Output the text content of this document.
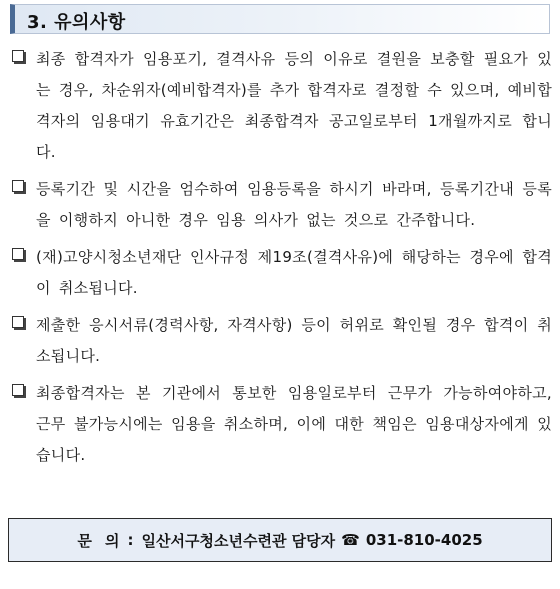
3. 유의사항
최종 합격자가 임용포기, 결격사유 등의 이유로 결원을 보충할 필요가 있는 경우, 차순위자(예비합격자)를 추가 합격자로 결정할 수 있으며, 예비합격자의 임용대기 유효기간은 최종합격자 공고일로부터 1개월까지로 합니다.
등록기간 및 시간을 엄수하여 임용등록을 하시기 바라며, 등록기간내 등록을 이행하지 아니한 경우 임용 의사가 없는 것으로 간주합니다.
(재)고양시청소년재단 인사규정 제19조(결격사유)에 해당하는 경우에 합격이 취소됩니다.
제출한 응시서류(경력사항, 자격사항) 등이 허위로 확인될 경우 합격이 취소됩니다.
최종합격자는 본 기관에서 통보한 임용일로부터 근무가 가능하여야하고, 근무 불가능시에는 임용을 취소하며, 이에 대한 책임은 임용대상자에게 있습니다.
문 의 : 일산서구청소년수련관 담당자 ☎ 031-810-4025
